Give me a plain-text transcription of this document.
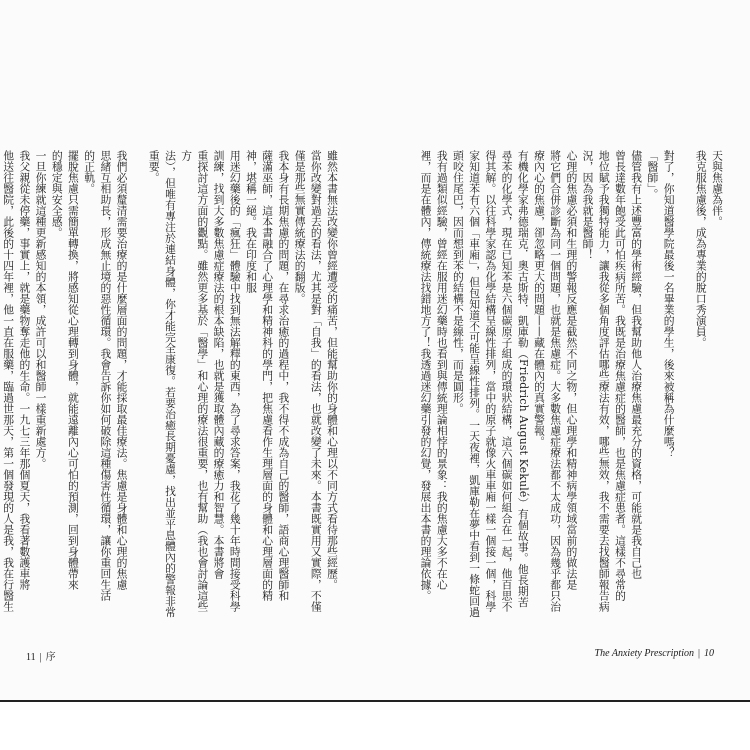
天與焦慮為伴。
我克服焦慮後，成為專業的脫口秀演員。
對了，你知道醫學院最後一名畢業的學生，後來被稱為什麼嗎？
「醫師」。
儘管我有上述豐富的學術經驗，但我幫助他人治療焦慮最充分的資格，可能就是我自己也
曾長達數年飽受此可怕疾病所苦。我既是治療焦慮症的醫師，也是焦慮症患者。這樣不尋常的
地位賦予我獨特能力，讓我從多個角度評估哪些療法有效，哪些無效，我不需要去找醫師報告病
況，因為我就是醫師！
心理的焦慮必須和生理的警報反應是截然不同之物，但心理學和精神病學領域當前的做法是
將它們合併診斷為同一個問題，也就是焦慮症。大多數焦慮症療法都不太成功，因為幾乎都只治
療內心的焦慮，卻忽略更大的問題——藏在體內的真實警報。
有機化學家弗德瑞克．奧古斯特．凱庫勒（Friedrich August Kekulé）有個故事。他長期苦
尋苯的化學式，現在已知苯是六個碳原子組成的環狀結構，這六個碳如何組合在一起，他百思不
得其解。以往科學家認為化學結構呈線性排列，當中的原子就像火車車廂一樣一個接一個，科學
家知道苯有六個「車廂」，但包知道不可能呈線性排列。一天夜裡，凱庫勒在夢中看到一條蛇回過
頭咬住尾巴，因而想到苯的結構不是線性，而是圓形。
我有過類似經驗，曾經在服用迷幻藥時也看到與傳統理論相悖的景象：我的焦慮大多不在心
裡，而是在體內，傳統療法找錯地方了！我透過迷幻藥引發的幻覺，發展出本書的理論依據。
The Anxiety Prescription | 10
雖然本書無法改變你曾經遭受的痛苦，但能幫助你的身體和心理以不同方式看待那些經歷。
當你改變對過去的看法，尤其是對「自我」的看法，也就改變了未來。本書既實用又實際，不僅
僅是那些無實傳統療法的翻版。
我本身有長期焦慮的問題，在尋求治癒的過程中，我不得不成為自己的醫師，語商心理醫師和
薩滿巫師，這本書融合了心理學和精神科的學門，把焦慮看作生理層面的身體和心理層面的精神，堪稱一絕。我在印度和服
用迷幻藥後的「瘋狂」體驗中找到無法解釋的東西，為了尋求答案，我花了幾十年時間接受科學
訓練，找到大多數焦慮症療法的根本缺陷，也就是獲取體內藏的療癒力和智慧。本書將會
重探討這方面的觀點。雖然更多基於「醫學」和心理的療法很重要，也有幫助（我也會討論這些方
法），但唯有專注於連結身體，你才能完全康復。若要治癒長期憂慮，找出並平息體內的警報非常
重要。
我們必須釐清需要治療的是什麼層面的問題，才能採取最佳療法。焦慮是身體和心理的焦慮
思緒互相助長，形成無止境的惡性循環。我會告訴你如何破除這種傷害性循環，讓你重回生活
的正軌。
擺脫焦慮只需簡單轉換，將感知從心理轉到身體，就能遠離內心可怕的預測，回到身體帶來
的穩定與安全感。
一旦你練就這種更新感知的本領，成許可以和醫師一樣重新處方。
我父親從未停藥，事實上，就是藥物奪走他的生命。一九七三年那個夏天，我看著數護車將
他送往醫院，此後的十四年裡，他一直在服藥，臨過世那天，第一個發現的人是我，我在行醫生
11 | 序
